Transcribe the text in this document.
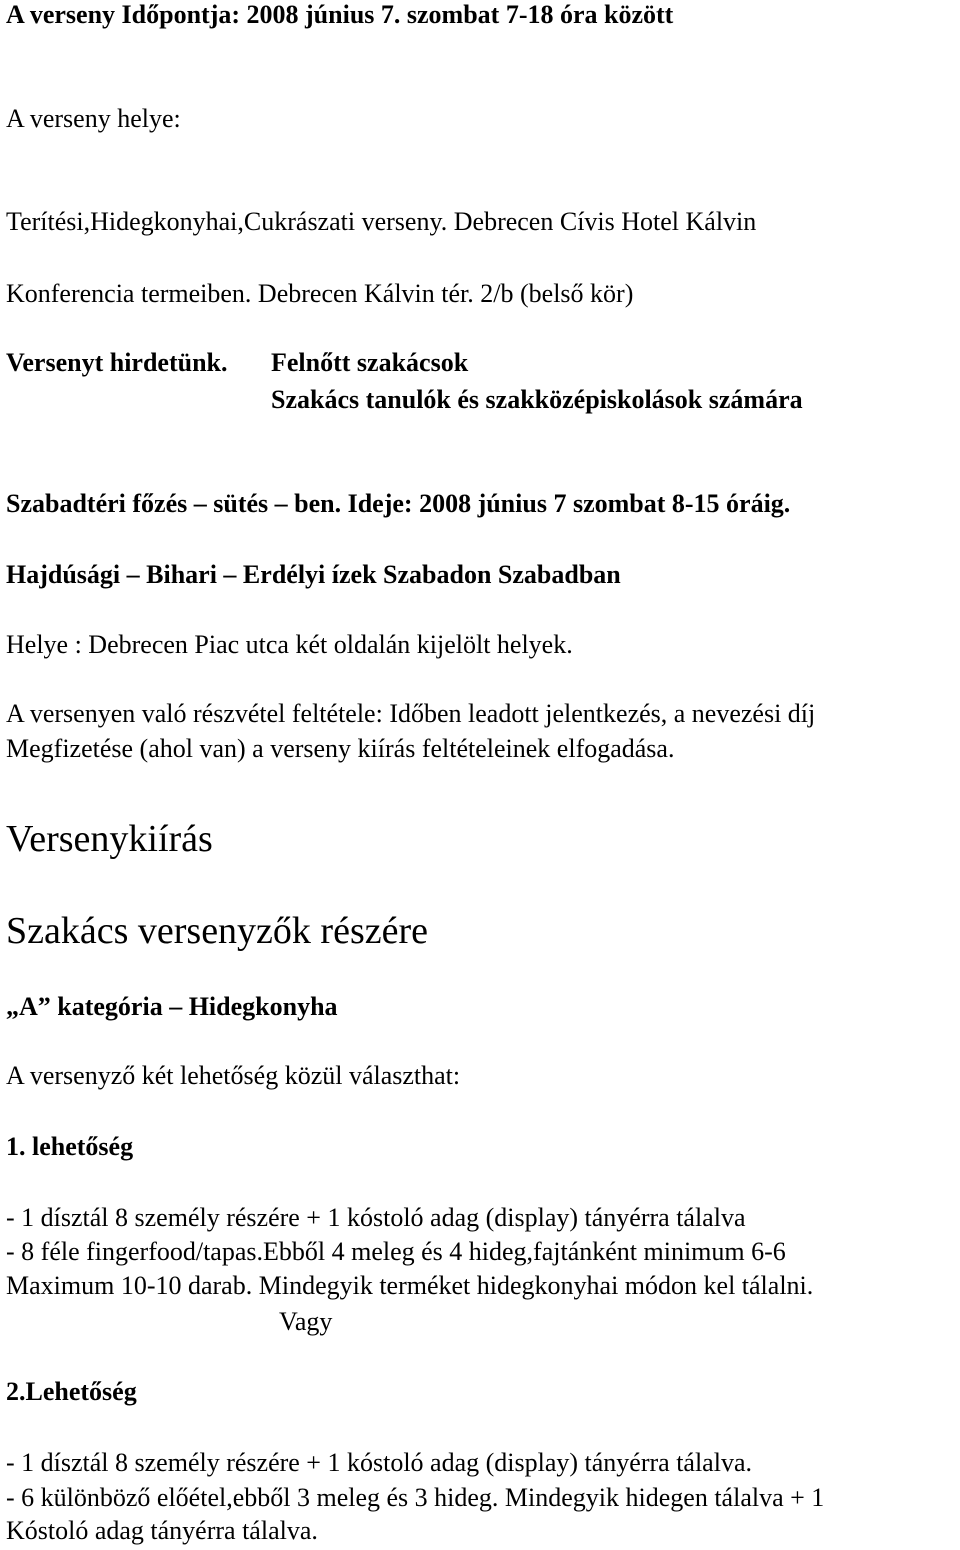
A verseny Időpontja: 2008 június 7. szombat 7-18 óra között

A verseny helye:

Terítési,Hidegkonyhai,Cukrászati verseny. Debrecen Cívis Hotel Kálvin

Konferencia termeiben. Debrecen Kálvin tér. 2/b (belső kör)

Versenyt hirdetünk. Felnőtt szakácsok

Szakács tanulók és szakközépiskolások számára

Szabadtéri főzés – sütés – ben. Ideje: 2008 június 7 szombat 8-15 óráig.

Hajdúsági – Bihari – Erdélyi ízek Szabadon Szabadban

Helye : Debrecen Piac utca két oldalán kijelölt helyek.

A versenyen való részvétel feltétele: Időben leadott jelentkezés, a nevezési díj

Megfizetése (ahol van) a verseny kiírás feltételeinek elfogadása.

Versenykiírás
Szakács versenyzők részére

„A” kategória – Hidegkonyha

A versenyző két lehetőség közül választhat:

1. lehetőség

- 1 dísztál 8 személy részére + 1 kóstoló adag (display) tányérra tálalva

- 8 féle fingerfood/tapas.Ebből 4 meleg és 4 hideg,fajtánként minimum 6-6

Maximum 10-10 darab. Mindegyik terméket hidegkonyhai módon kel tálalni.

Vagy

2.Lehetőség

- 1 dísztál 8 személy részére + 1 kóstoló adag (display) tányérra tálalva.

- 6 különböző előétel,ebből 3 meleg és 3 hideg. Mindegyik hidegen tálalva + 1

Kóstoló adag tányérra tálalva.
